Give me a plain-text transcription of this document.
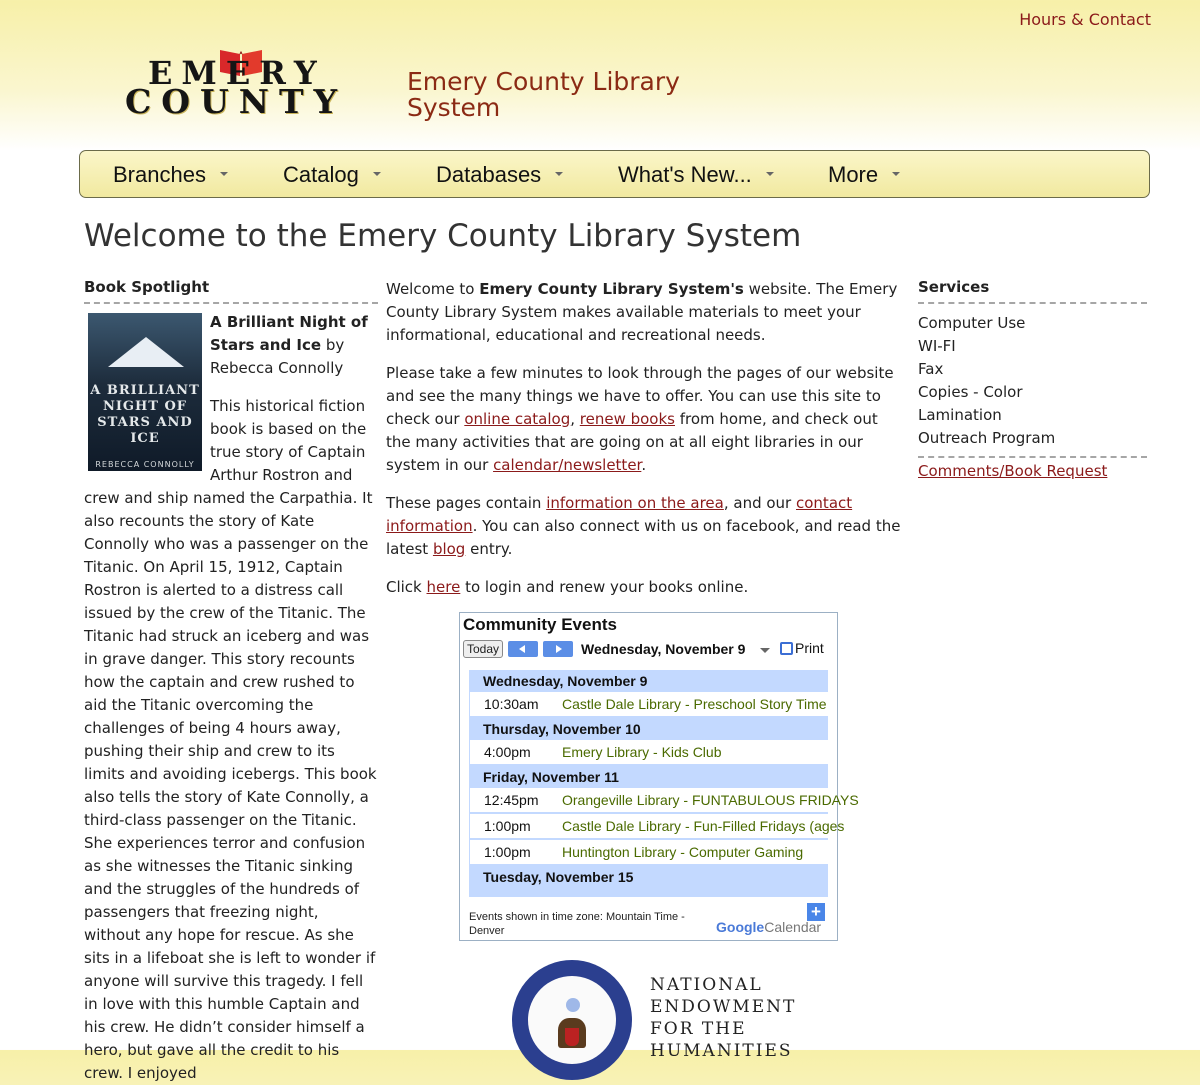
Hours & Contact
EMERY
COUNTY
Emery County Library
System
Branches	Catalog	Databases	What's New...	More
Welcome to the Emery County Library System
Book Spotlight
A BRILLIANT NIGHT OF STARS AND ICE
REBECCA CONNOLLY
A Brilliant Night of Stars and Ice by Rebecca Connolly
This historical fiction book is based on the true story of Captain Arthur Rostron and crew and ship named the Carpathia. It also recounts the story of Kate Connolly who was a passenger on the Titanic. On April 15, 1912, Captain Rostron is alerted to a distress call issued by the crew of the Titanic. The Titanic had struck an iceberg and was in grave danger. This story recounts how the captain and crew rushed to aid the Titanic overcoming the challenges of being 4 hours away, pushing their ship and crew to its limits and avoiding icebergs. This book also tells the story of Kate Connolly, a third-class passenger on the Titanic. She experiences terror and confusion as she witnesses the Titanic sinking and the struggles of the hundreds of passengers that freezing night, without any hope for rescue. As she sits in a lifeboat she is left to wonder if anyone will survive this tragedy. I fell in love with this humble Captain and his crew. He didn’t consider himself a hero, but gave all the credit to his crew. I enjoyed

Welcome to Emery County Library System's website. The Emery County Library System makes available materials to meet your informational, educational and recreational needs.

Please take a few minutes to look through the pages of our website and see the many things we have to offer. You can use this site to check our online catalog, renew books from home, and check out the many activities that are going on at all eight libraries in our system in our calendar/newsletter.

These pages contain information on the area, and our contact information. You can also connect with us on facebook, and read the latest blog entry.

Click here to login and renew your books online.

Community Events
Today	Wednesday, November 9	Print
Wednesday, November 9
10:30am Castle Dale Library - Preschool Story Time
Thursday, November 10
4:00pm Emery Library - Kids Club
Friday, November 11
12:45pm Orangeville Library - FUNTABULOUS FRIDAYS
1:00pm Castle Dale Library - Fun-Filled Fridays (ages
1:00pm Huntington Library - Computer Gaming
Tuesday, November 15
Events shown in time zone: Mountain Time - Denver
+
GoogleCalendar
NATIONAL
ENDOWMENT
FOR THE
HUMANITIES
Services
Computer Use
WI-FI
Fax
Copies - Color
Lamination
Outreach Program
Comments/Book Request
